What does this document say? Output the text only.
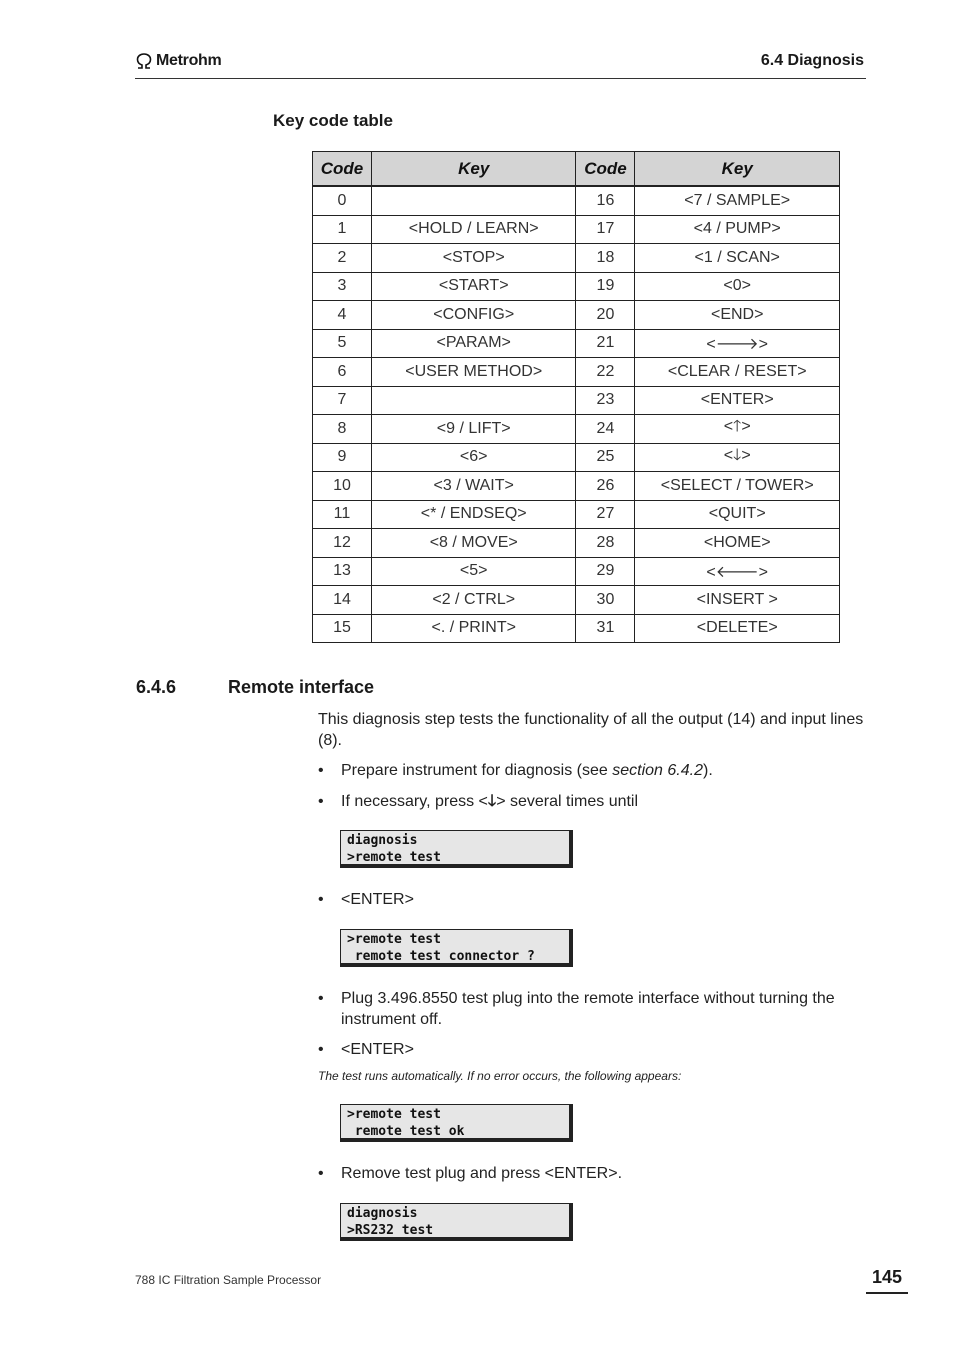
Metrohm	6.4 Diagnosis
Key code table
Code	Key	Code	Key
0		16	<7 / SAMPLE>
1	<HOLD / LEARN>	17	<4 / PUMP>
2	<STOP>	18	<1 / SCAN>
3	<START>	19	<0>
4	<CONFIG>	20	<END>
5	<PARAM>	21	<🡒>
6	<USER METHOD>	22	<CLEAR / RESET>
7		23	<ENTER>
8	<9 / LIFT>	24	<🡑>
9	<6>	25	<🡓>
10	<3 / WAIT>	26	<SELECT / TOWER>
11	<* / ENDSEQ>	27	<QUIT>
12	<8 / MOVE>	28	<HOME>
13	<5>	29	<🡐>
14	<2 / CTRL>	30	<INSERT >
15	<. / PRINT>	31	<DELETE>
6.4.6	Remote interface
This diagnosis step tests the functionality of all the output (14) and input lines (8).
•	Prepare instrument for diagnosis (see section 6.4.2).
•	If necessary, press <🡓> several times until
diagnosis
>remote test
•	<ENTER>
>remote test
remote test connector ?
•	Plug 3.496.8550 test plug into the remote interface without turning the instrument off.
•	<ENTER>
The test runs automatically. If no error occurs, the following appears:
>remote test
remote test ok
•	Remove test plug and press <ENTER>.
diagnosis
>RS232 test
788 IC Filtration Sample Processor	145
